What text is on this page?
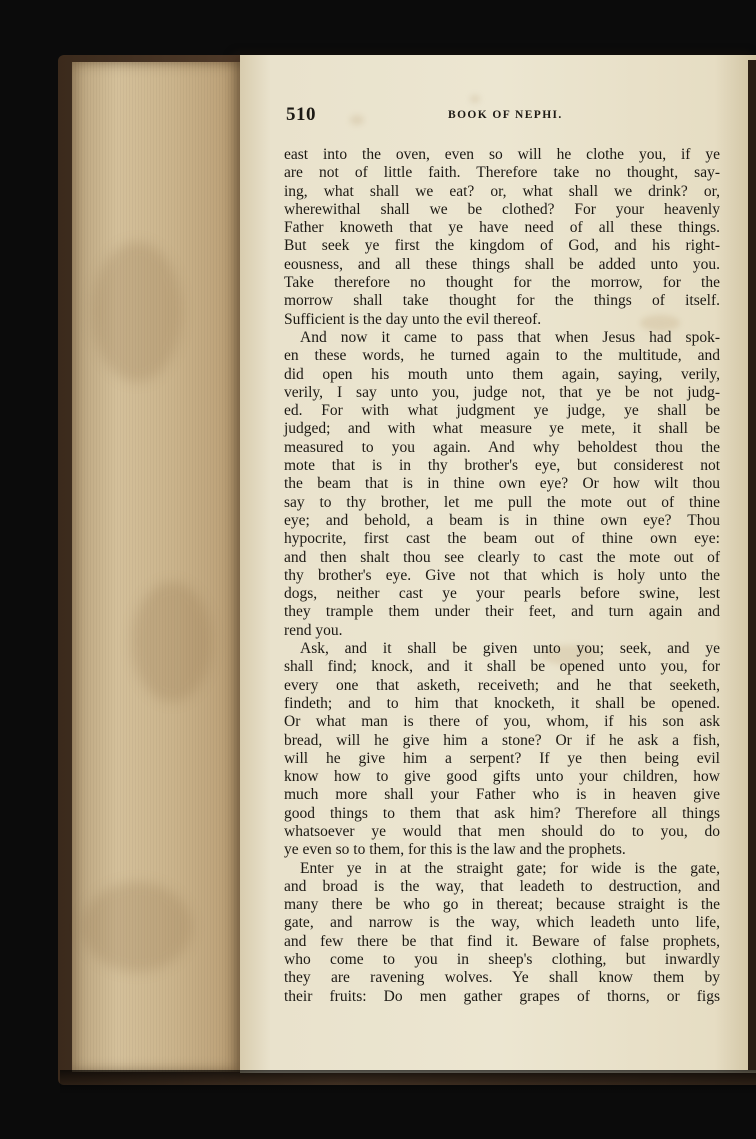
510	BOOK OF NEPHI.
east into the oven, even so will he clothe you, if ye
are not of little faith. Therefore take no thought, say-
ing, what shall we eat? or, what shall we drink? or,
wherewithal shall we be clothed? For your heavenly
Father knoweth that ye have need of all these things.
But seek ye first the kingdom of God, and his right-
eousness, and all these things shall be added unto you.
Take therefore no thought for the morrow, for the
morrow shall take thought for the things of itself.
Sufficient is the day unto the evil thereof.
And now it came to pass that when Jesus had spok-
en these words, he turned again to the multitude, and
did open his mouth unto them again, saying, verily,
verily, I say unto you, judge not, that ye be not judg-
ed. For with what judgment ye judge, ye shall be
judged; and with what measure ye mete, it shall be
measured to you again. And why beholdest thou the
mote that is in thy brother's eye, but considerest not
the beam that is in thine own eye? Or how wilt thou
say to thy brother, let me pull the mote out of thine
eye; and behold, a beam is in thine own eye? Thou
hypocrite, first cast the beam out of thine own eye:
and then shalt thou see clearly to cast the mote out of
thy brother's eye. Give not that which is holy unto the
dogs, neither cast ye your pearls before swine, lest
they trample them under their feet, and turn again and
rend you.
Ask, and it shall be given unto you; seek, and ye
shall find; knock, and it shall be opened unto you, for
every one that asketh, receiveth; and he that seeketh,
findeth; and to him that knocketh, it shall be opened.
Or what man is there of you, whom, if his son ask
bread, will he give him a stone? Or if he ask a fish,
will he give him a serpent? If ye then being evil
know how to give good gifts unto your children, how
much more shall your Father who is in heaven give
good things to them that ask him? Therefore all things
whatsoever ye would that men should do to you, do
ye even so to them, for this is the law and the prophets.
Enter ye in at the straight gate; for wide is the gate,
and broad is the way, that leadeth to destruction, and
many there be who go in thereat; because straight is the
gate, and narrow is the way, which leadeth unto life,
and few there be that find it. Beware of false prophets,
who come to you in sheep's clothing, but inwardly
they are ravening wolves. Ye shall know them by
their fruits: Do men gather grapes of thorns, or figs
